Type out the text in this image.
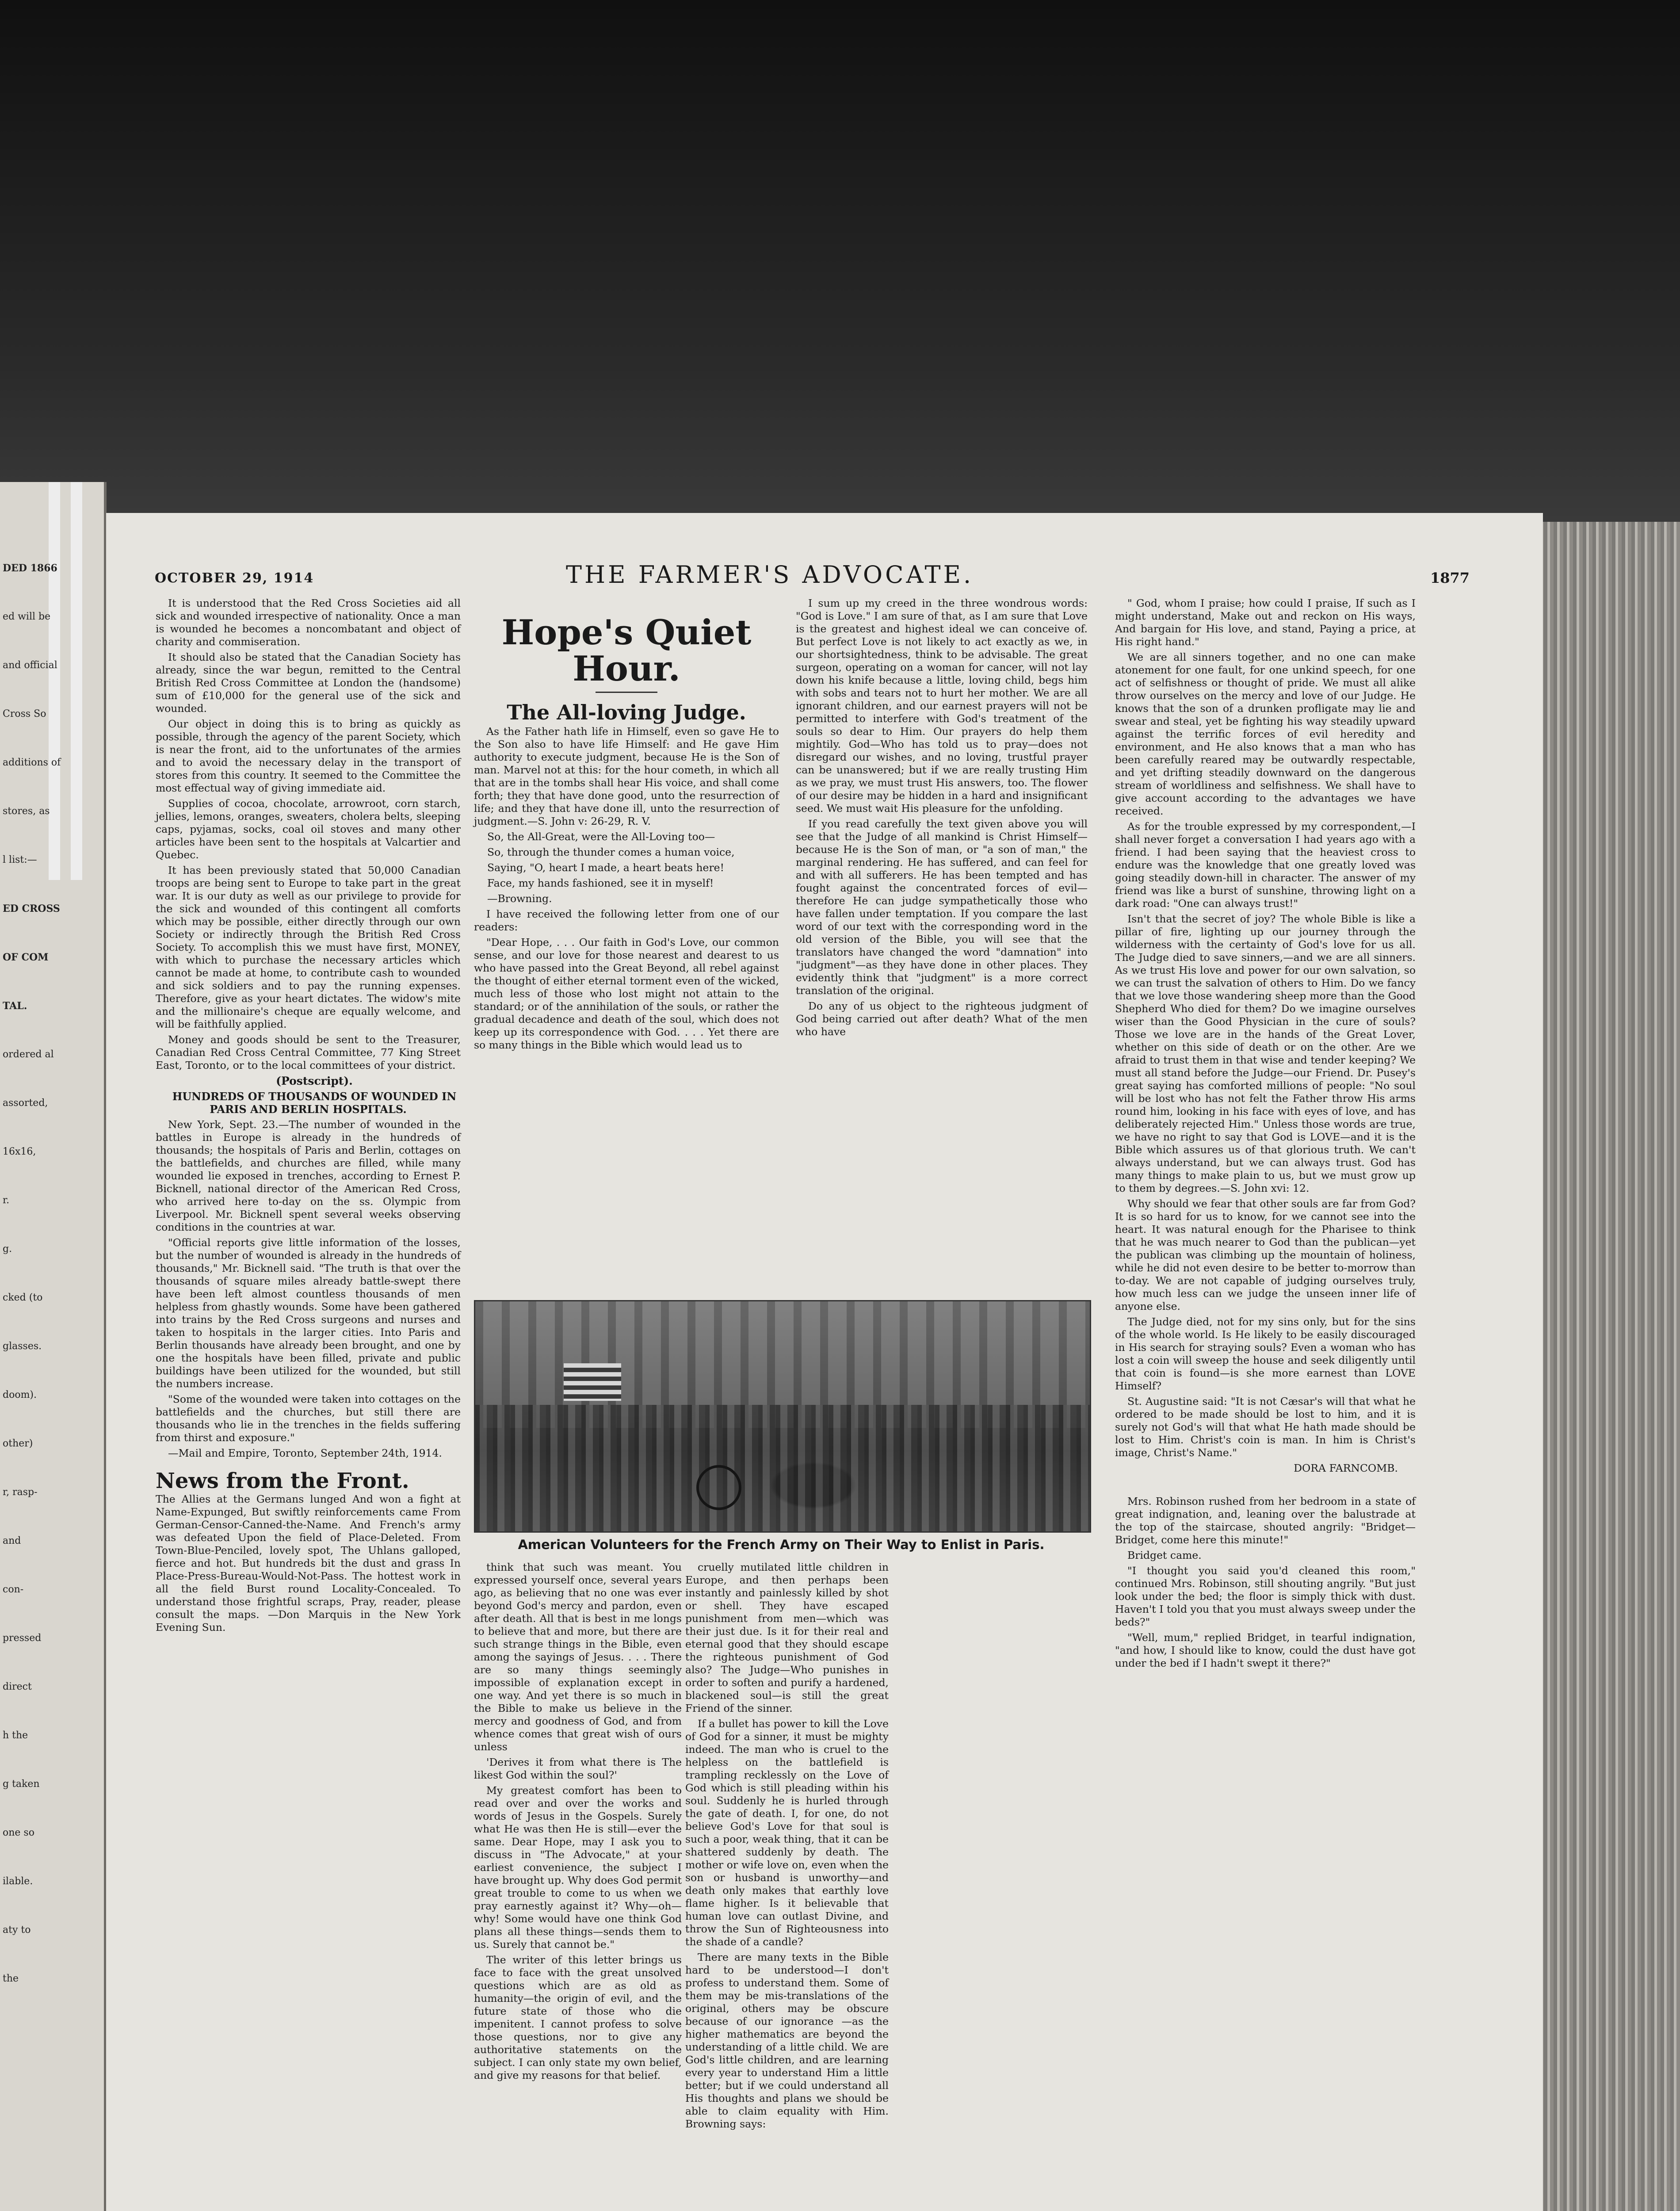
DED 1866
ed will be
and official
Cross So
additions of
stores, as
l list:—
ED CROSS
OF COM
TAL.
ordered al
assorted,
16x16,
r.
g.
cked (to
glasses.
doom).
other)
r, rasp-
and
con-
pressed
direct
h the
g taken
one so
ilable.
aty to
the
OCTOBER 29, 1914	THE FARMER'S ADVOCATE.	1877

It is understood that the Red Cross Societies aid all sick and wounded irrespective of nationality. Once a man is wounded he becomes a noncombatant and object of charity and commiseration.

It should also be stated that the Canadian Society has already, since the war begun, remitted to the Central British Red Cross Committee at London the (handsome) sum of £10,000 for the general use of the sick and wounded.

Our object in doing this is to bring as quickly as possible, through the agency of the parent Society, which is near the front, aid to the unfortunates of the armies and to avoid the necessary delay in the transport of stores from this country. It seemed to the Committee the most effectual way of giving immediate aid.

Supplies of cocoa, chocolate, arrowroot, corn starch, jellies, lemons, oranges, sweaters, cholera belts, sleeping caps, pyjamas, socks, coal oil stoves and many other articles have been sent to the hospitals at Valcartier and Quebec.

It has been previously stated that 50,000 Canadian troops are being sent to Europe to take part in the great war. It is our duty as well as our privilege to provide for the sick and wounded of this contingent all comforts which may be possible, either directly through our own Society or indirectly through the British Red Cross Society. To accomplish this we must have first, MONEY, with which to purchase the necessary articles which cannot be made at home, to contribute cash to wounded and sick soldiers and to pay the running expenses. Therefore, give as your heart dictates. The widow's mite and the millionaire's cheque are equally welcome, and will be faithfully applied.

Money and goods should be sent to the Treasurer, Canadian Red Cross Central Committee, 77 King Street East, Toronto, or to the local committees of your district.

(Postscript).

HUNDREDS OF THOUSANDS OF WOUNDED IN PARIS AND BERLIN HOSPITALS.

New York, Sept. 23.—The number of wounded in the battles in Europe is already in the hundreds of thousands; the hospitals of Paris and Berlin, cottages on the battlefields, and churches are filled, while many wounded lie exposed in trenches, according to Ernest P. Bicknell, national director of the American Red Cross, who arrived here to-day on the ss. Olympic from Liverpool. Mr. Bicknell spent several weeks observing conditions in the countries at war.

"Official reports give little information of the losses, but the number of wounded is already in the hundreds of thousands," Mr. Bicknell said. "The truth is that over the thousands of square miles already battle-swept there have been left almost countless thousands of men helpless from ghastly wounds. Some have been gathered into trains by the Red Cross surgeons and nurses and taken to hospitals in the larger cities. Into Paris and Berlin thousands have already been brought, and one by one the hospitals have been filled, private and public buildings have been utilized for the wounded, but still the numbers increase.

"Some of the wounded were taken into cottages on the battlefields and the churches, but still there are thousands who lie in the trenches in the fields suffering from thirst and exposure."

—Mail and Empire, Toronto, September 24th, 1914.

News from the Front.

The Allies at the Germans lunged And won a fight at Name-Expunged, But swiftly reinforcements came From German-Censor-Canned-the-Name. And French's army was defeated Upon the field of Place-Deleted. From Town-Blue-Penciled, lovely spot, The Uhlans galloped, fierce and hot. But hundreds bit the dust and grass In Place-Press-Bureau-Would-Not-Pass. The hottest work in all the field Burst round Locality-Concealed. To understand those frightful scraps, Pray, reader, please consult the maps. —Don Marquis in the New York Evening Sun.

Hope's Quiet Hour.
The All-loving Judge.

As the Father hath life in Himself, even so gave He to the Son also to have life Himself: and He gave Him authority to execute judgment, because He is the Son of man. Marvel not at this: for the hour cometh, in which all that are in the tombs shall hear His voice, and shall come forth; they that have done good, unto the resurrection of life; and they that have done ill, unto the resurrection of judgment.—S. John v: 26-29, R. V.

So, the All-Great, were the All-Loving too—

So, through the thunder comes a human voice,

Saying, "O, heart I made, a heart beats here!

Face, my hands fashioned, see it in myself!

—Browning.

I have received the following letter from one of our readers:

"Dear Hope, . . . Our faith in God's Love, our common sense, and our love for those nearest and dearest to us who have passed into the Great Beyond, all rebel against the thought of either eternal torment even of the wicked, much less of those who lost might not attain to the standard; or of the annihilation of the souls, or rather the gradual decadence and death of the soul, which does not keep up its correspondence with God. . . . Yet there are so many things in the Bible which would lead us to

I sum up my creed in the three wondrous words: "God is Love." I am sure of that, as I am sure that Love is the greatest and highest ideal we can conceive of. But perfect Love is not likely to act exactly as we, in our shortsightedness, think to be advisable. The great surgeon, operating on a woman for cancer, will not lay down his knife because a little, loving child, begs him with sobs and tears not to hurt her mother. We are all ignorant children, and our earnest prayers will not be permitted to interfere with God's treatment of the souls so dear to Him. Our prayers do help them mightily. God—Who has told us to pray—does not disregard our wishes, and no loving, trustful prayer can be unanswered; but if we are really trusting Him as we pray, we must trust His answers, too. The flower of our desire may be hidden in a hard and insignificant seed. We must wait His pleasure for the unfolding.

If you read carefully the text given above you will see that the Judge of all mankind is Christ Himself—because He is the Son of man, or "a son of man," the marginal rendering. He has suffered, and can feel for and with all sufferers. He has been tempted and has fought against the concentrated forces of evil—therefore He can judge sympathetically those who have fallen under temptation. If you compare the last word of our text with the corresponding word in the old version of the Bible, you will see that the translators have changed the word "damnation" into "judgment"—as they have done in other places. They evidently think that "judgment" is a more correct translation of the original.

Do any of us object to the righteous judgment of God being carried out after death? What of the men who have

" God, whom I praise; how could I praise, If such as I might understand, Make out and reckon on His ways, And bargain for His love, and stand, Paying a price, at His right hand."

We are all sinners together, and no one can make atonement for one fault, for one unkind speech, for one act of selfishness or thought of pride. We must all alike throw ourselves on the mercy and love of our Judge. He knows that the son of a drunken profligate may lie and swear and steal, yet be fighting his way steadily upward against the terrific forces of evil heredity and environment, and He also knows that a man who has been carefully reared may be outwardly respectable, and yet drifting steadily downward on the dangerous stream of worldliness and selfishness. We shall have to give account according to the advantages we have received.

As for the trouble expressed by my correspondent,—I shall never forget a conversation I had years ago with a friend. I had been saying that the heaviest cross to endure was the knowledge that one greatly loved was going steadily down-hill in character. The answer of my friend was like a burst of sunshine, throwing light on a dark road: "One can always trust!"

Isn't that the secret of joy? The whole Bible is like a pillar of fire, lighting up our journey through the wilderness with the certainty of God's love for us all. The Judge died to save sinners,—and we are all sinners. As we trust His love and power for our own salvation, so we can trust the salvation of others to Him. Do we fancy that we love those wandering sheep more than the Good Shepherd Who died for them? Do we imagine ourselves wiser than the Good Physician in the cure of souls? Those we love are in the hands of the Great Lover, whether on this side of death or on the other. Are we afraid to trust them in that wise and tender keeping? We must all stand before the Judge—our Friend. Dr. Pusey's great saying has comforted millions of people: "No soul will be lost who has not felt the Father throw His arms round him, looking in his face with eyes of love, and has deliberately rejected Him." Unless those words are true, we have no right to say that God is LOVE—and it is the Bible which assures us of that glorious truth. We can't always understand, but we can always trust. God has many things to make plain to us, but we must grow up to them by degrees.—S. John xvi: 12.

Why should we fear that other souls are far from God? It is so hard for us to know, for we cannot see into the heart. It was natural enough for the Pharisee to think that he was much nearer to God than the publican—yet the publican was climbing up the mountain of holiness, while he did not even desire to be better to-morrow than to-day. We are not capable of judging ourselves truly, how much less can we judge the unseen inner life of anyone else.

The Judge died, not for my sins only, but for the sins of the whole world. Is He likely to be easily discouraged in His search for straying souls? Even a woman who has lost a coin will sweep the house and seek diligently until that coin is found—is she more earnest than LOVE Himself?

St. Augustine said: "It is not Cæsar's will that what he ordered to be made should be lost to him, and it is surely not God's will that what He hath made should be lost to Him. Christ's coin is man. In him is Christ's image, Christ's Name."

DORA FARNCOMB.

Mrs. Robinson rushed from her bedroom in a state of great indignation, and, leaning over the balustrade at the top of the staircase, shouted angrily: "Bridget—Bridget, come here this minute!"

Bridget came.

"I thought you said you'd cleaned this room," continued Mrs. Robinson, still shouting angrily. "But just look under the bed; the floor is simply thick with dust. Haven't I told you that you must always sweep under the beds?"

"Well, mum," replied Bridget, in tearful indignation, "and how, I should like to know, could the dust have got under the bed if I hadn't swept it there?"

American Volunteers for the French Army on Their Way to Enlist in Paris.

think that such was meant. You expressed yourself once, several years ago, as believing that no one was ever beyond God's mercy and pardon, even after death. All that is best in me longs to believe that and more, but there are such strange things in the Bible, even among the sayings of Jesus. . . . There are so many things seemingly impossible of explanation except in one way. And yet there is so much in the Bible to make us believe in the mercy and goodness of God, and from whence comes that great wish of ours unless

'Derives it from what there is The likest God within the soul?'

My greatest comfort has been to read over and over the works and words of Jesus in the Gospels. Surely what He was then He is still—ever the same. Dear Hope, may I ask you to discuss in "The Advocate," at your earliest convenience, the subject I have brought up. Why does God permit great trouble to come to us when we pray earnestly against it? Why—oh—why! Some would have one think God plans all these things—sends them to us. Surely that cannot be."

The writer of this letter brings us face to face with the great unsolved questions which are as old as humanity—the origin of evil, and the future state of those who die impenitent. I cannot profess to solve those questions, nor to give any authoritative statements on the subject. I can only state my own belief, and give my reasons for that belief.

cruelly mutilated little children in Europe, and then perhaps been instantly and painlessly killed by shot or shell. They have escaped punishment from men—which was their just due. Is it for their real and eternal good that they should escape the righteous punishment of God also? The Judge—Who punishes in order to soften and purify a hardened, blackened soul—is still the great Friend of the sinner.

If a bullet has power to kill the Love of God for a sinner, it must be mighty indeed. The man who is cruel to the helpless on the battlefield is trampling recklessly on the Love of God which is still pleading within his soul. Suddenly he is hurled through the gate of death. I, for one, do not believe God's Love for that soul is such a poor, weak thing, that it can be shattered suddenly by death. The mother or wife love on, even when the son or husband is unworthy—and death only makes that earthly love flame higher. Is it believable that human love can outlast Divine, and throw the Sun of Righteousness into the shade of a candle?

There are many texts in the Bible hard to be understood—I don't profess to understand them. Some of them may be mis-translations of the original, others may be obscure because of our ignorance —as the higher mathematics are beyond the understanding of a little child. We are God's little children, and are learning every year to understand Him a little better; but if we could understand all His thoughts and plans we should be able to claim equality with Him. Browning says:
